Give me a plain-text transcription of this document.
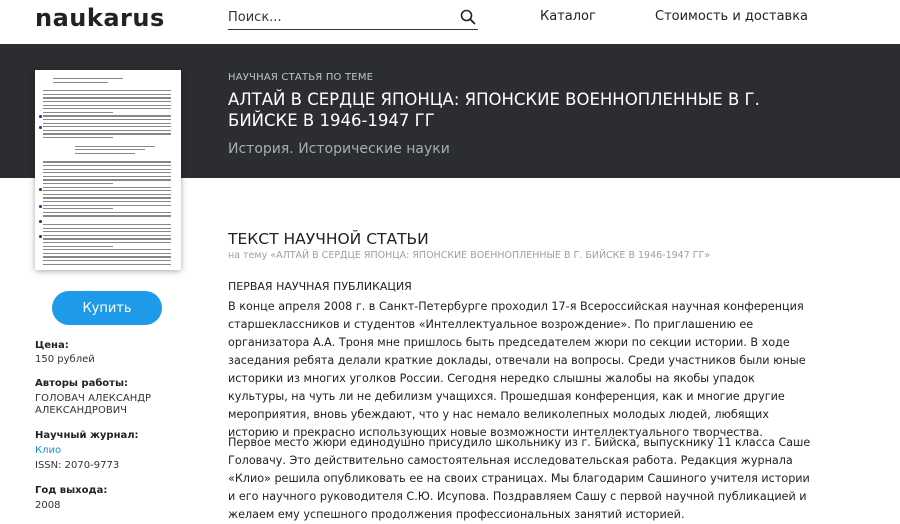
naukarus
Поиск...	Каталог	Стоимость и доставка
НАУЧНАЯ СТАТЬЯ ПО ТЕМЕ
АЛТАЙ В СЕРДЦЕ ЯПОНЦА: ЯПОНСКИЕ ВОЕННОПЛЕННЫЕ В Г. БИЙСКЕ В 1946-1947 ГГ
История. Исторические науки
Купить
Цена:
150 рублей
Авторы работы:
ГОЛОВАЧ АЛЕКСАНДР
АЛЕКСАНДРОВИЧ
Научный журнал:
Клио
ISSN: 2070-9773
Год выхода:
2008
ТЕКСТ НАУЧНОЙ СТАТЬИ
на тему «АЛТАЙ В СЕРДЦЕ ЯПОНЦА: ЯПОНСКИЕ ВОЕННОПЛЕННЫЕ В Г. БИЙСКЕ В 1946-1947 ГГ»
ПЕРВАЯ НАУЧНАЯ ПУБЛИКАЦИЯ

В конце апреля 2008 г. в Санкт-Петербурге проходил 17-я Всероссийская научная конференция старшеклассников и студентов «Интеллектуальное возрождение». По приглашению ее организатора А.А. Троня мне пришлось быть председателем жюри по секции истории. В ходе заседания ребята делали краткие доклады, отвечали на вопросы. Среди участников были юные историки из многих уголков России. Сегодня нередко слышны жалобы на якобы упадок культуры, на чуть ли не дебилизм учащихся. Прошедшая конференция, как и многие другие мероприятия, вновь убеждают, что у нас немало великолепных молодых людей, любящих историю и прекрасно использующих новые возможности интеллектуального творчества.

Первое место жюри единодушно присудило школьнику из г. Бийска, выпускнику 11 класса Саше Головачу. Это действительно самостоятельная исследовательская работа. Редакция журнала «Клио» решила опубликовать ее на своих страницах. Мы благодарим Сашиного учителя истории и его научного руководителя С.Ю. Исупова. Поздравляем Сашу с первой научной публикацией и желаем ему успешного продолжения профессиональных занятий историей.
